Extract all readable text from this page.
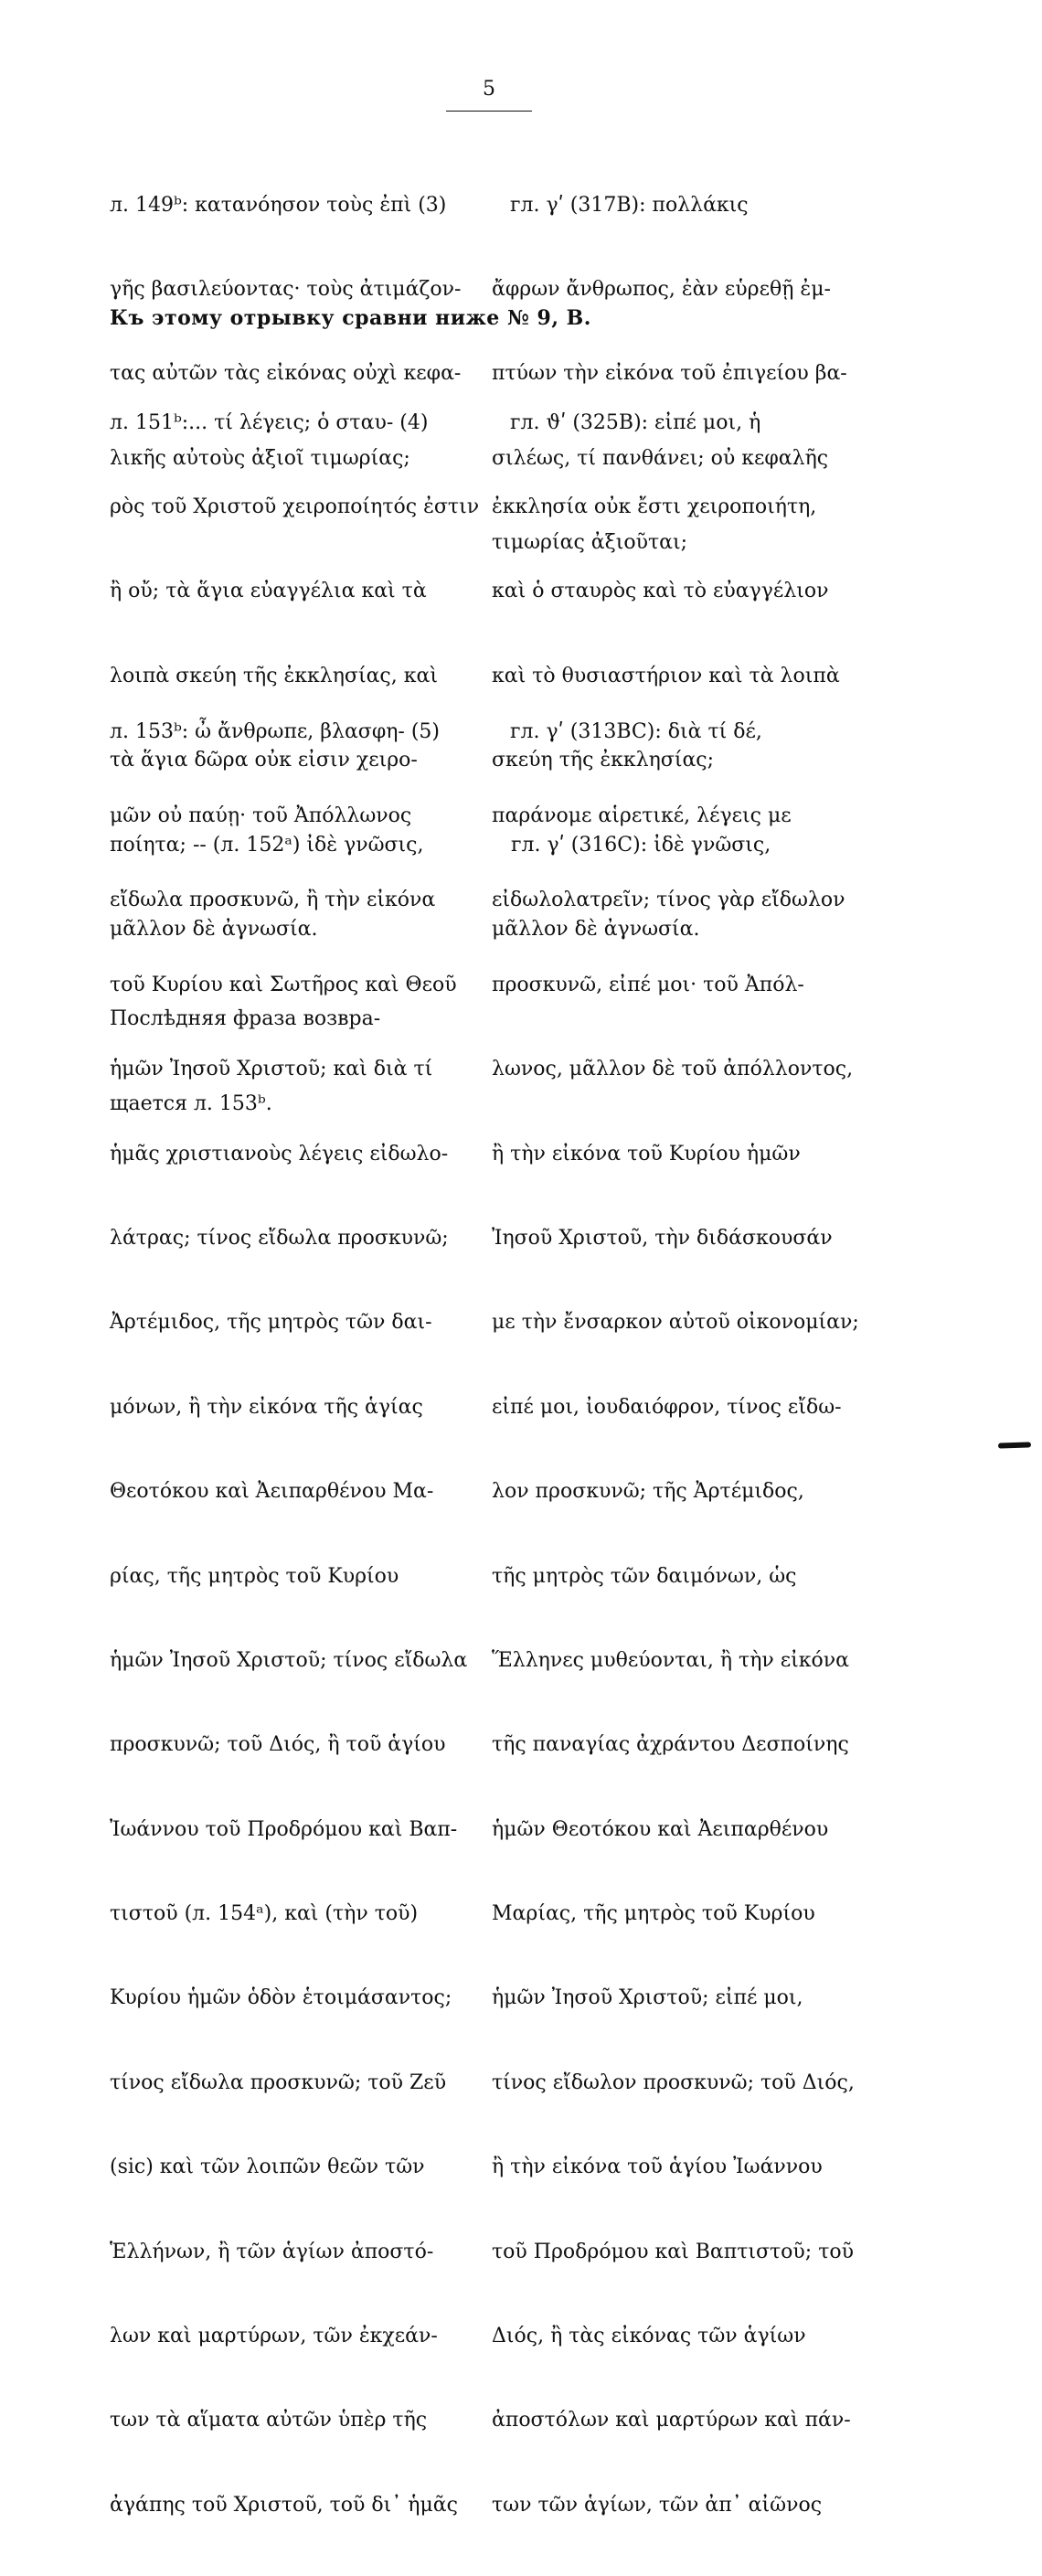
5

л. 149ᵇ: κατανόησον τοὺς ἐπὶ (3)

γῆς βασιλεύοντας· τοὺς ἀτιμάζον-

τας αὐτῶν τὰς εἰκόνας οὐχὶ κεφα-

λικῆς αὐτοὺς ἀξιοῖ τιμωρίας;

гл. γʹ (317B): πολλάκις

ἄφρων ἄνθρωπος, ἐὰν εὑρεθῇ ἐμ-

πτύων τὴν εἰκόνα τοῦ ἐπιγείου βα-

σιλέως, τί πανθάνει; οὐ κεφαλῆς

τιμωρίας ἀξιοῦται;

Къ этому отрывку сравни ниже № 9, B.

л. 151ᵇ:... τί λέγεις; ὁ σταυ- (4)

ρὸς τοῦ Χριστοῦ χειροποίητός ἐστιν

ἢ οὔ; τὰ ἅγια εὐαγγέλια καὶ τὰ

λοιπὰ σκεύη τῆς ἐκκλησίας, καὶ

τὰ ἅγια δῶρα οὐκ εἰσιν χειρο-

ποίητα; -- (л. 152ᵃ) ἰδὲ γνῶσις,

μᾶλλον δὲ ἀγνωσία.

Послѣдняя фраза возвра-

щается л. 153ᵇ.

гл. ϑʹ (325B): εἰπέ μοι, ἡ

ἐκκλησία οὐκ ἔστι χειροποιήτη,

καὶ ὁ σταυρὸς καὶ τὸ εὐαγγέλιον

καὶ τὸ θυσιαστήριον καὶ τὰ λοιπὰ

σκεύη τῆς ἐκκλησίας;

гл. γʹ (316C): ἰδὲ γνῶσις,

μᾶλλον δὲ ἀγνωσία.

л. 153ᵇ: ὦ ἄνθρωπε, βλασφη- (5)

μῶν οὐ παύῃ· τοῦ Ἀπόλλωνος

εἴδωλα προσκυνῶ, ἢ τὴν εἰκόνα

τοῦ Κυρίου καὶ Σωτῆρος καὶ Θεοῦ

ἡμῶν Ἰησοῦ Χριστοῦ; καὶ διὰ τί

ἡμᾶς χριστιανοὺς λέγεις εἰδωλο-

λάτρας; τίνος εἴδωλα προσκυνῶ;

Ἀρτέμιδος, τῆς μητρὸς τῶν δαι-

μόνων, ἢ τὴν εἰκόνα τῆς ἁγίας

Θεοτόκου καὶ Ἀειπαρθένου Μα-

ρίας, τῆς μητρὸς τοῦ Κυρίου

ἡμῶν Ἰησοῦ Χριστοῦ; τίνος εἴδωλα

προσκυνῶ; τοῦ Διός, ἢ τοῦ ἁγίου

Ἰωάννου τοῦ Προδρόμου καὶ Βαπ-

τιστοῦ (л. 154ᵃ), καὶ (τὴν τοῦ)

Κυρίου ἡμῶν ὁδὸν ἑτοιμάσαντος;

τίνος εἴδωλα προσκυνῶ; τοῦ Ζεῦ

(sic) καὶ τῶν λοιπῶν θεῶν τῶν

Ἑλλήνων, ἢ τῶν ἁγίων ἀποστό-

λων καὶ μαρτύρων, τῶν ἐκχεάν-

των τὰ αἵματα αὐτῶν ὑπὲρ τῆς

ἀγάπης τοῦ Χριστοῦ, τοῦ δι᾽ ἡμᾶς

гл. γʹ (313BC): διὰ τί δέ,

παράνομε αἱρετικέ, λέγεις με

εἰδωλολατρεῖν; τίνος γὰρ εἴδωλον

προσκυνῶ, εἰπέ μοι· τοῦ Ἀπόλ-

λωνος, μᾶλλον δὲ τοῦ ἀπόλλοντος,

ἢ τὴν εἰκόνα τοῦ Κυρίου ἡμῶν

Ἰησοῦ Χριστοῦ, τὴν διδάσκουσάν

με τὴν ἔνσαρκον αὐτοῦ οἰκονομίαν;

εἰπέ μοι, ἰουδαιόφρον, τίνος εἴδω-

λον προσκυνῶ; τῆς Ἀρτέμιδος,

τῆς μητρὸς τῶν δαιμόνων, ὡς

Ἕλληνες μυθεύονται, ἢ τὴν εἰκόνα

τῆς παναγίας ἀχράντου Δεσποίνης

ἡμῶν Θεοτόκου καὶ Ἀειπαρθένου

Μαρίας, τῆς μητρὸς τοῦ Κυρίου

ἡμῶν Ἰησοῦ Χριστοῦ; εἰπέ μοι,

τίνος εἴδωλον προσκυνῶ; τοῦ Διός,

ἢ τὴν εἰκόνα τοῦ ἁγίου Ἰωάννου

τοῦ Προδρόμου καὶ Βαπτιστοῦ; τοῦ

Διός, ἢ τὰς εἰκόνας τῶν ἁγίων

ἀποστόλων καὶ μαρτύρων καὶ πάν-

των τῶν ἁγίων, τῶν ἀπ᾽ αἰῶνος
